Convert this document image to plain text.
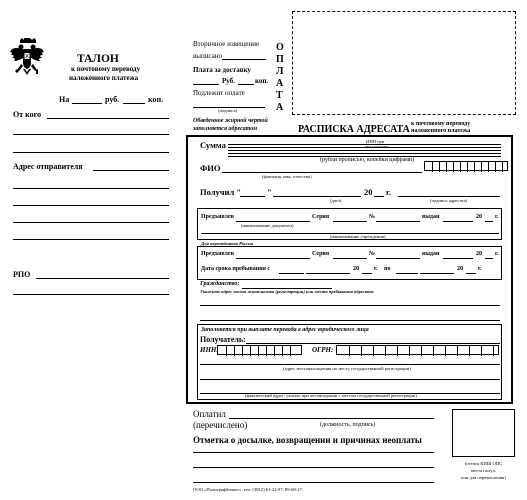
ТАЛОН
к почтовому переводу
наложенного платежа
На	руб.	коп.
От кого
Адрес отправителя
РПО
Вторичное извещение
выписано
Плата за доставку
Руб.	коп.
Подлежит оплате
(подпись)
Обведенное жирной чертой
заполняется адресатом
О
П
Л
А
Т
А
РАСПИСКА АДРЕСАТА к почтовому переводу
наложенного платежа
ИНН при
его наличии
Сумма
(рубли прописью, копейки цифрами)
ФИО
(фамилия, имя, отчество)
Получил "	"	20 г.
(дата)	(подпись адресата)
Предъявлен	Серия	№	выдан	20 г.
(наименование документа)
(наименование учреждения)
Для нерезидентов России
Предъявлен	Серия	№	выдан	20 г.
Дата срока пребывания с	20	г. по	20	г.
Гражданство:
Укажите адрес места жительства (регистрации) или места пребывания адресата.
Заполняется при выплате перевода в адрес юридического лица
Получатель:
ИНН:	ОГРН:
(адрес местонахождения по месту государственной регистрации)
(фактический адрес, указать при несовпадении с местом государственной регистрации)
Оплатил
(перечислено)	(должность, подпись)
Отметка о досылке, возвращении и причинах неоплаты
(оттиск КПШ ОПС
места получ.
или для перечисления)
ООО «Полиграфбизнес», тел. (3812) 61-22-97, 89-68-27.
